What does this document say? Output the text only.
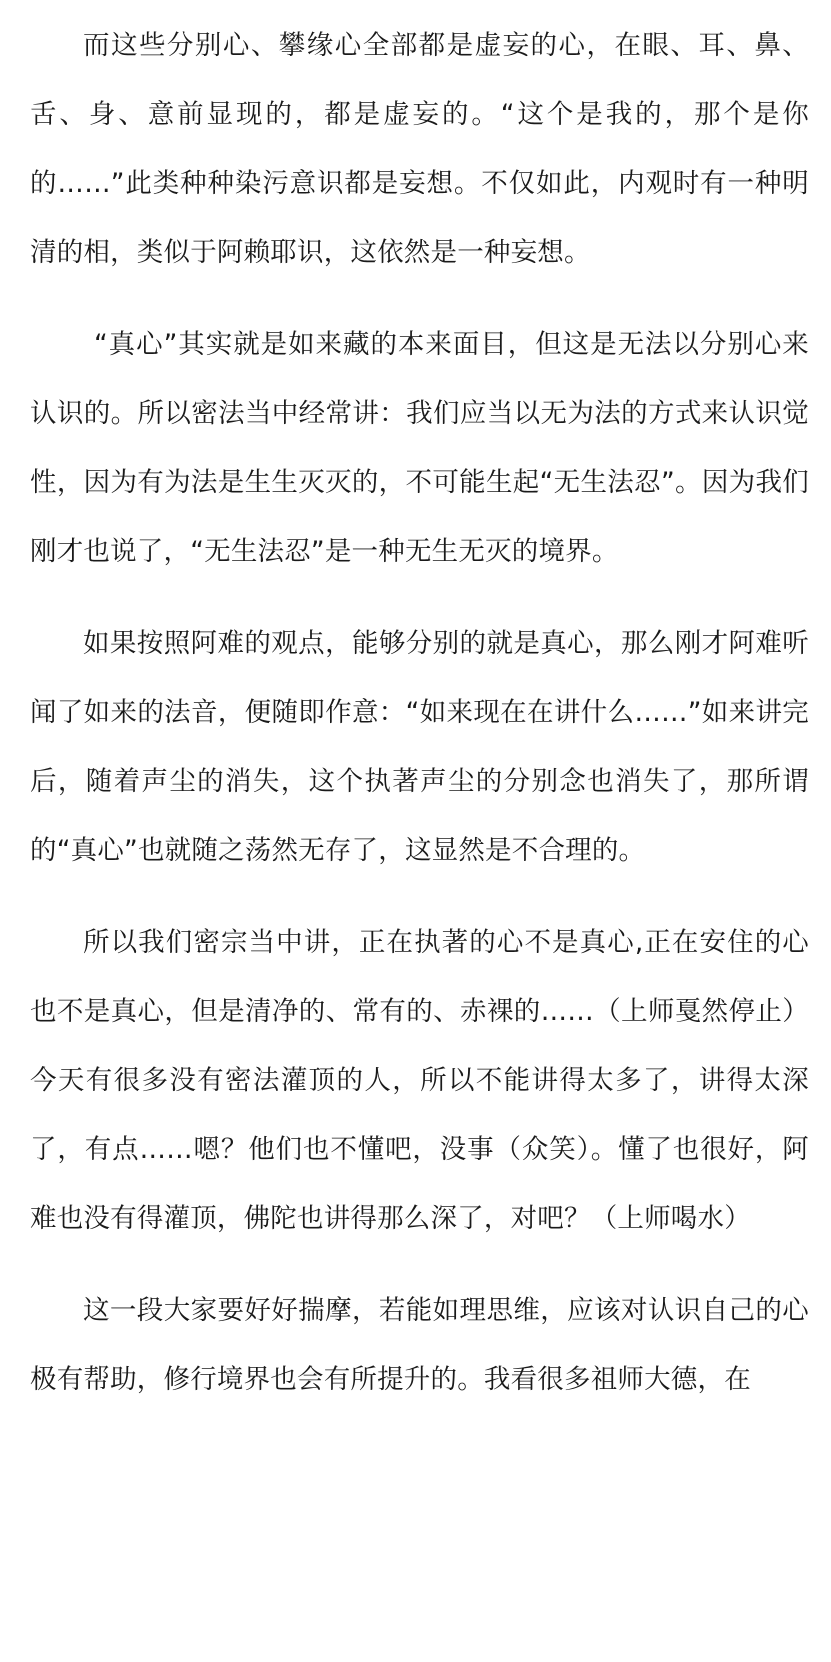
而这些分别心、攀缘心全部都是虚妄的心，在眼、耳、鼻、舌、身、意前显现的，都是虚妄的。“这个是我的，那个是你的……”此类种种染污意识都是妄想。不仅如此，内观时有一种明清的相，类似于阿赖耶识，这依然是一种妄想。

“真心”其实就是如来藏的本来面目，但这是无法以分别心来认识的。所以密法当中经常讲：我们应当以无为法的方式来认识觉性，因为有为法是生生灭灭的，不可能生起“无生法忍”。因为我们刚才也说了，“无生法忍”是一种无生无灭的境界。

如果按照阿难的观点，能够分别的就是真心，那么刚才阿难听闻了如来的法音，便随即作意：“如来现在在讲什么……”如来讲完后，随着声尘的消失，这个执著声尘的分别念也消失了，那所谓的“真心”也就随之荡然无存了，这显然是不合理的。

所以我们密宗当中讲，正在执著的心不是真心,正在安住的心也不是真心，但是清净的、常有的、赤裸的……（上师戛然停止）今天有很多没有密法灌顶的人，所以不能讲得太多了，讲得太深了，有点……嗯？他们也不懂吧，没事（众笑）。懂了也很好，阿难也没有得灌顶，佛陀也讲得那么深了，对吧？（上师喝水）

这一段大家要好好揣摩，若能如理思维，应该对认识自己的心极有帮助，修行境界也会有所提升的。我看很多祖师大德，在
